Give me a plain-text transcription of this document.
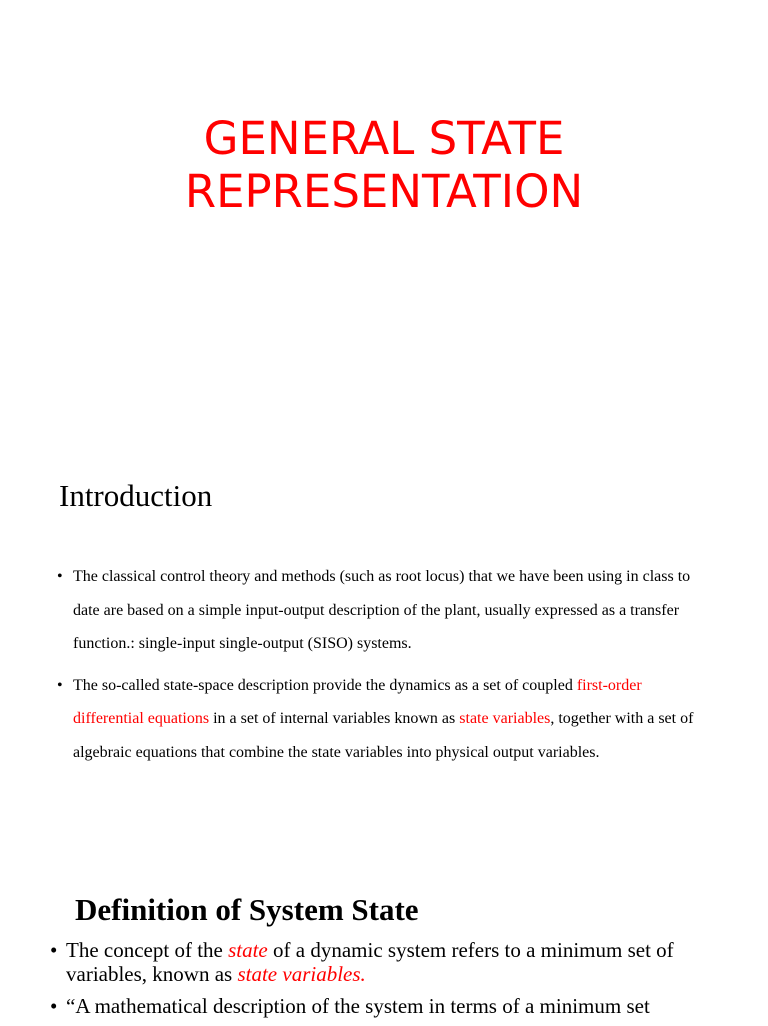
GENERAL STATE
REPRESENTATION
Introduction
• The classical control theory and methods (such as root locus) that we have been using in class to date are based on a simple input-output description of the plant, usually expressed as a transfer function.: single-input single-output (SISO) systems.
• The so-called state-space description provide the dynamics as a set of coupled first-order differential equations in a set of internal variables known as state variables, together with a set of algebraic equations that combine the state variables into physical output variables.
Definition of System State
• The concept of the state of a dynamic system refers to a minimum set of variables, known as state variables.
• “A mathematical description of the system in terms of a minimum set
